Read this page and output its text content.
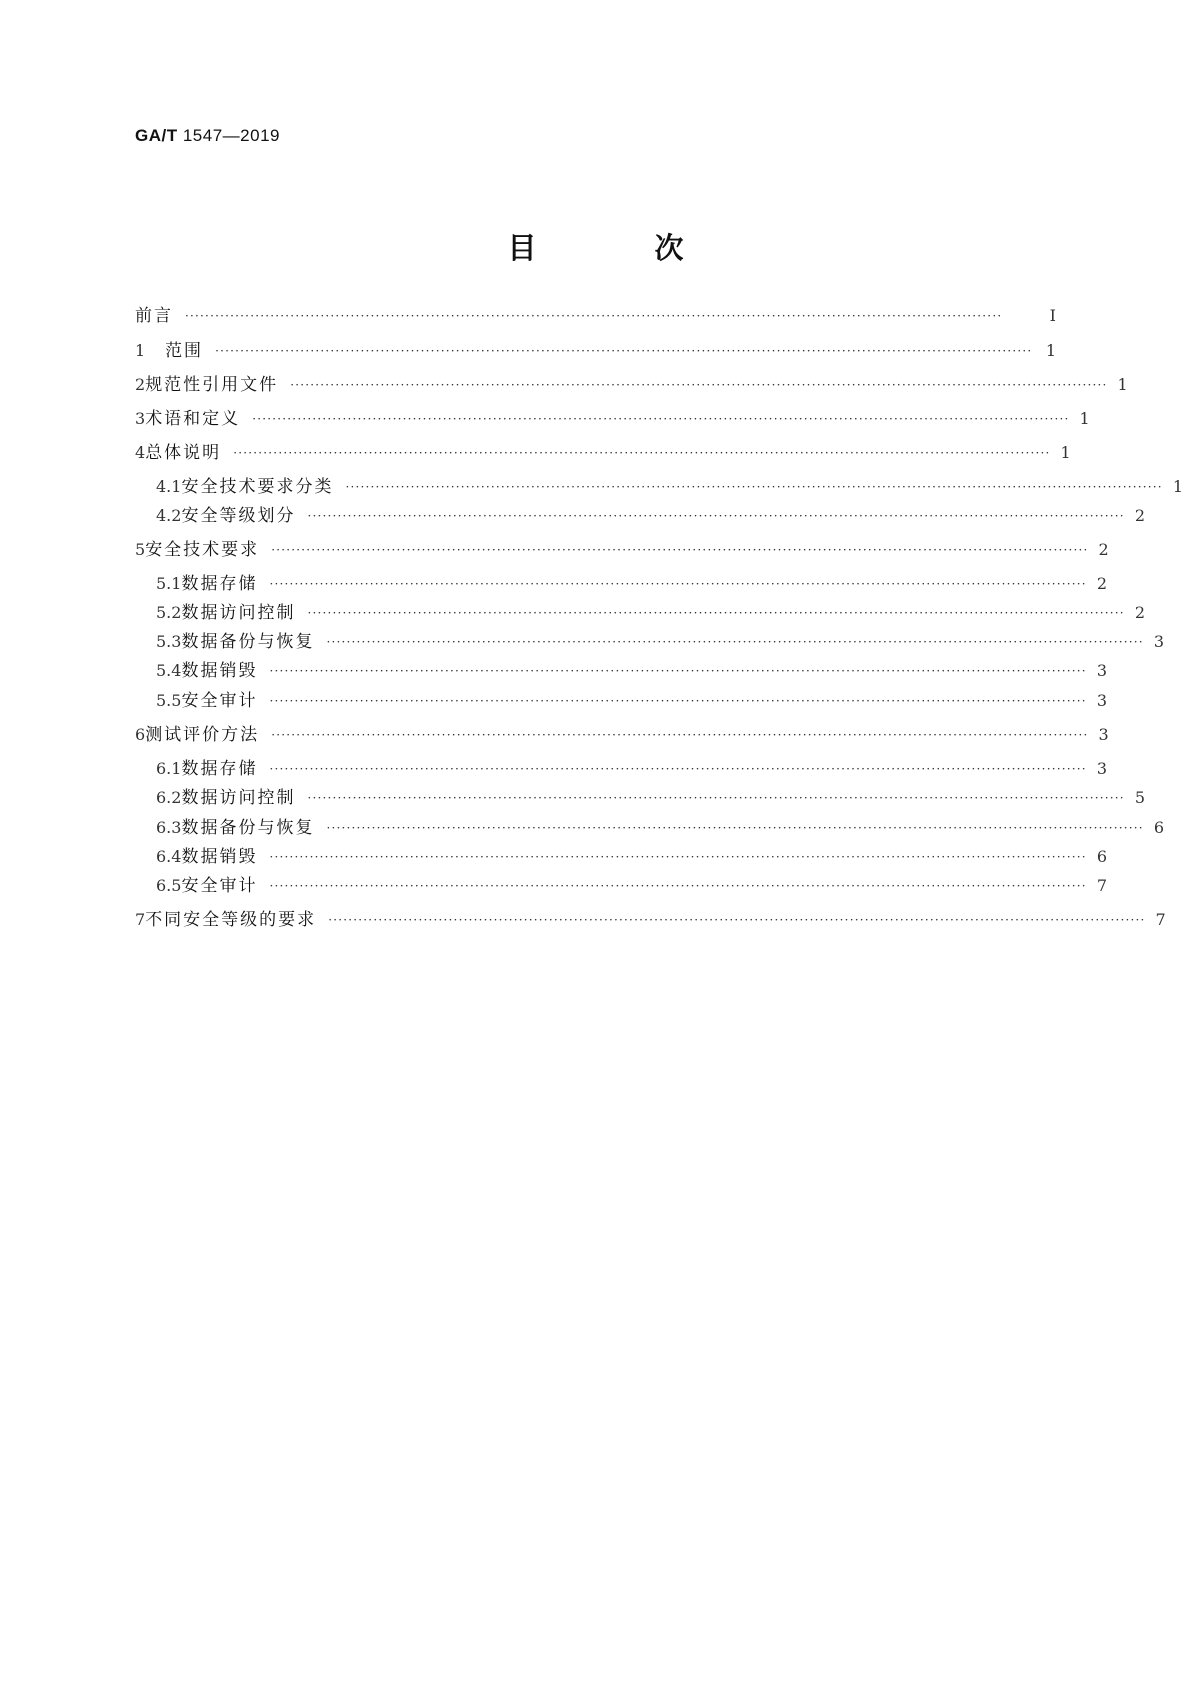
GA/T 1547—2019
目 次
前言 ···································································································································································	Ⅰ
1	范围 ··································································································································································· 1
2 规范性引用文件 ··································································································································································· 1
3 术语和定义 ··································································································································································· 1
4 总体说明 ··································································································································································· 1
4.1 安全技术要求分类 ··································································································································································· 1
4.2 安全等级划分 ··································································································································································· 2
5 安全技术要求 ··································································································································································· 2
5.1 数据存储 ··································································································································································· 2
5.2 数据访问控制 ··································································································································································· 2
5.3 数据备份与恢复 ··································································································································································· 3
5.4 数据销毁 ··································································································································································· 3
5.5 安全审计 ··································································································································································· 3
6 测试评价方法 ··································································································································································· 3
6.1 数据存储 ··································································································································································· 3
6.2 数据访问控制 ··································································································································································· 5
6.3 数据备份与恢复 ··································································································································································· 6
6.4 数据销毁 ··································································································································································· 6
6.5 安全审计 ··································································································································································· 7
7 不同安全等级的要求 ··································································································································································· 7
